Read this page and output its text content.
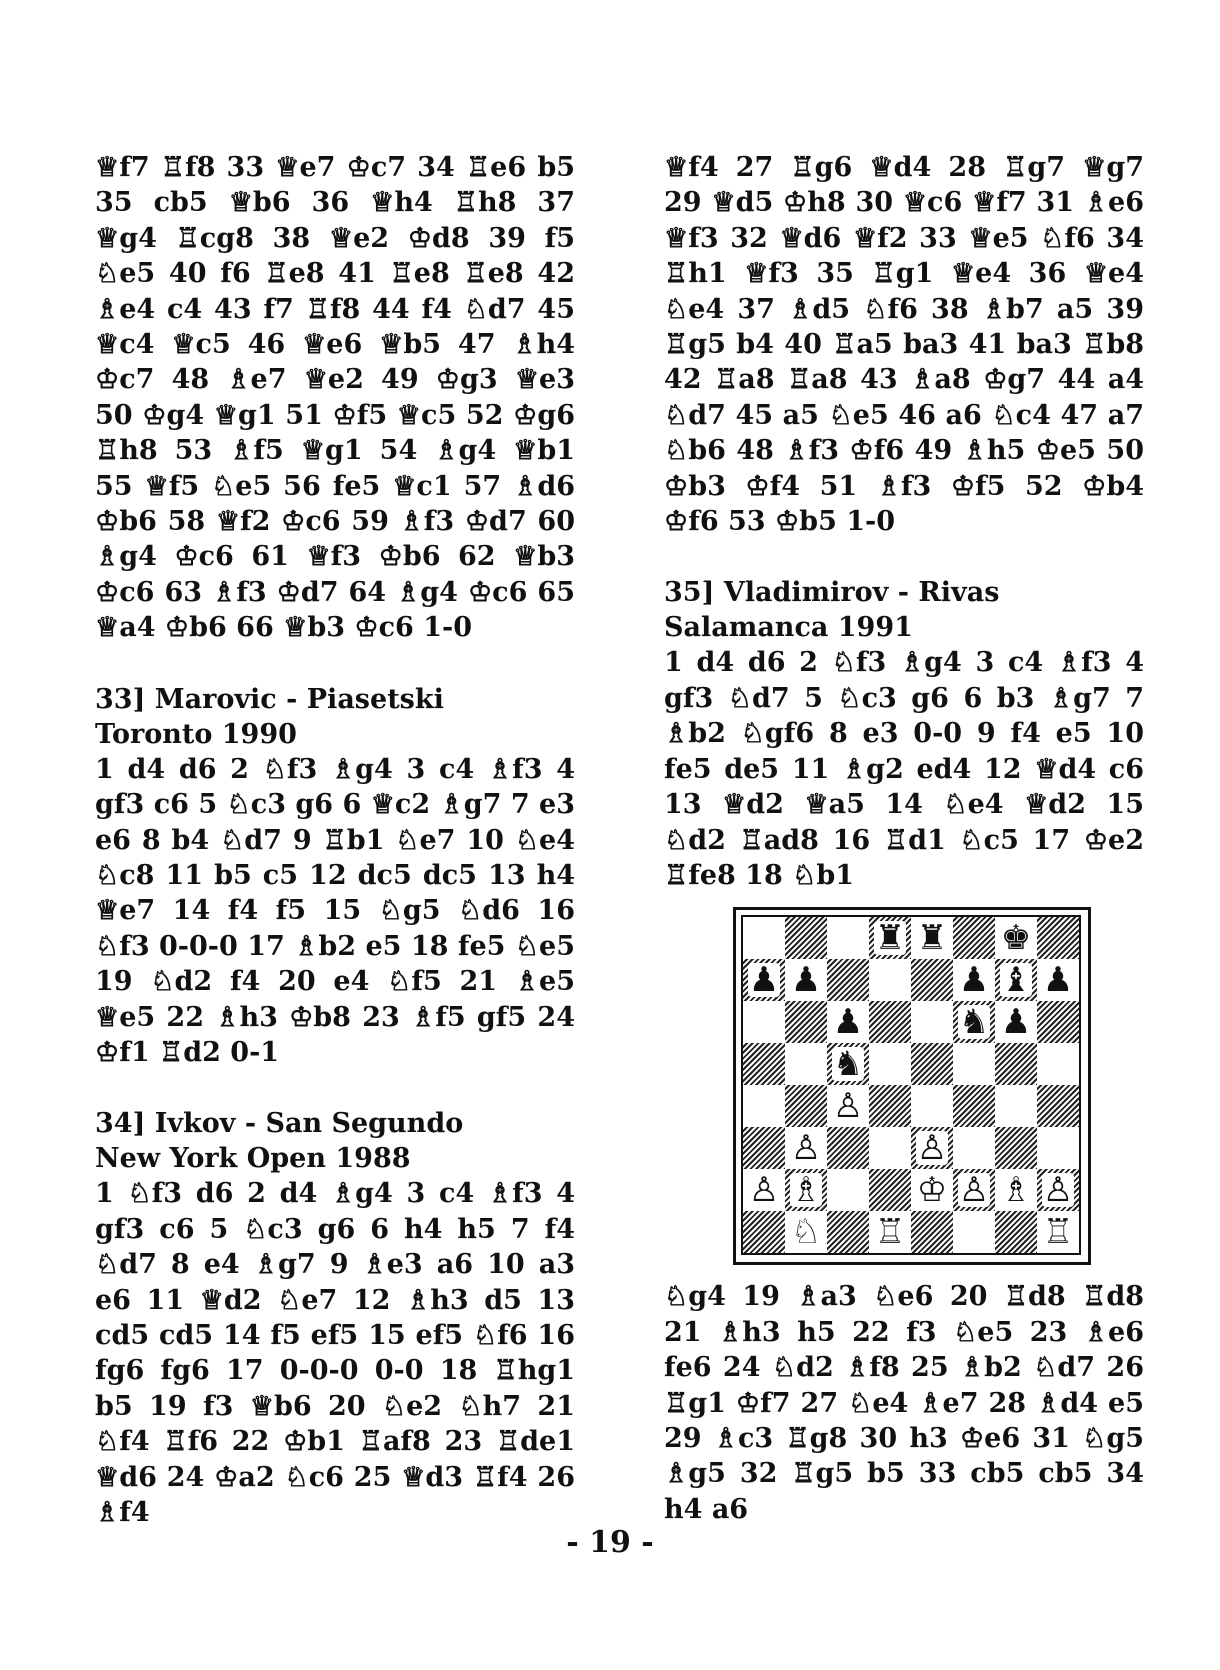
♕f7 ♖f8 33 ♕e7 ♔c7 34 ♖e6 b5 35 cb5 ♕b6 36 ♕h4 ♖h8 37 ♕g4 ♖cg8 38 ♕e2 ♔d8 39 f5 ♘e5 40 f6 ♖e8 41 ♖e8 ♖e8 42 ♗e4 c4 43 f7 ♖f8 44 f4 ♘d7 45 ♕c4 ♕c5 46 ♕e6 ♕b5 47 ♗h4 ♔c7 48 ♗e7 ♕e2 49 ♔g3 ♕e3 50 ♔g4 ♕g1 51 ♔f5 ♕c5 52 ♔g6 ♖h8 53 ♗f5 ♕g1 54 ♗g4 ♕b1 55 ♕f5 ♘e5 56 fe5 ♕c1 57 ♗d6 ♔b6 58 ♕f2 ♔c6 59 ♗f3 ♔d7 60 ♗g4 ♔c6 61 ♕f3 ♔b6 62 ♕b3 ♔c6 63 ♗f3 ♔d7 64 ♗g4 ♔c6 65 ♕a4 ♔b6 66 ♕b3 ♔c6 1-0
33] Marovic - Piasetski
Toronto 1990
1 d4 d6 2 ♘f3 ♗g4 3 c4 ♗f3 4 gf3 c6 5 ♘c3 g6 6 ♕c2 ♗g7 7 e3 e6 8 b4 ♘d7 9 ♖b1 ♘e7 10 ♘e4 ♘c8 11 b5 c5 12 dc5 dc5 13 h4 ♕e7 14 f4 f5 15 ♘g5 ♘d6 16 ♘f3 0-0-0 17 ♗b2 e5 18 fe5 ♘e5 19 ♘d2 f4 20 e4 ♘f5 21 ♗e5 ♕e5 22 ♗h3 ♔b8 23 ♗f5 gf5 24 ♔f1 ♖d2 0-1
34] Ivkov - San Segundo
New York Open 1988
1 ♘f3 d6 2 d4 ♗g4 3 c4 ♗f3 4 gf3 c6 5 ♘c3 g6 6 h4 h5 7 f4 ♘d7 8 e4 ♗g7 9 ♗e3 a6 10 a3 e6 11 ♕d2 ♘e7 12 ♗h3 d5 13 cd5 cd5 14 f5 ef5 15 ef5 ♘f6 16 fg6 fg6 17 0-0-0 0-0 18 ♖hg1 b5 19 f3 ♕b6 20 ♘e2 ♘h7 21 ♘f4 ♖f6 22 ♔b1 ♖af8 23 ♖de1 ♕d6 24 ♔a2 ♘c6 25 ♕d3 ♖f4 26 ♗f4
♕f4 27 ♖g6 ♕d4 28 ♖g7 ♕g7 29 ♕d5 ♔h8 30 ♕c6 ♕f7 31 ♗e6 ♕f3 32 ♕d6 ♕f2 33 ♕e5 ♘f6 34 ♖h1 ♕f3 35 ♖g1 ♕e4 36 ♕e4 ♘e4 37 ♗d5 ♘f6 38 ♗b7 a5 39 ♖g5 b4 40 ♖a5 ba3 41 ba3 ♖b8 42 ♖a8 ♖a8 43 ♗a8 ♔g7 44 a4 ♘d7 45 a5 ♘e5 46 a6 ♘c4 47 a7 ♘b6 48 ♗f3 ♔f6 49 ♗h5 ♔e5 50 ♔b3 ♔f4 51 ♗f3 ♔f5 52 ♔b4 ♔f6 53 ♔b5 1-0
35] Vladimirov - Rivas
Salamanca 1991
1 d4 d6 2 ♘f3 ♗g4 3 c4 ♗f3 4 gf3 ♘d7 5 ♘c3 g6 6 b3 ♗g7 7 ♗b2 ♘gf6 8 e3 0-0 9 f4 e5 10 fe5 de5 11 ♗g2 ed4 12 ♕d4 c6 13 ♕d2 ♕a5 14 ♘e4 ♕d2 15 ♘d2 ♖ad8 16 ♖d1 ♘c5 17 ♔e2 ♖fe8 18 ♘b1
♜ ♜ ♚
♟ ♟	♟ ♝ ♟
♟	♞ ♟
♞
♙
♙	♙
♙ ♗	♔ ♙ ♗ ♙
♘ ♖	♖
♘g4 19 ♗a3 ♘e6 20 ♖d8 ♖d8 21 ♗h3 h5 22 f3 ♘e5 23 ♗e6 fe6 24 ♘d2 ♗f8 25 ♗b2 ♘d7 26 ♖g1 ♔f7 27 ♘e4 ♗e7 28 ♗d4 e5 29 ♗c3 ♖g8 30 h3 ♔e6 31 ♘g5 ♗g5 32 ♖g5 b5 33 cb5 cb5 34 h4 a6
- 19 -
